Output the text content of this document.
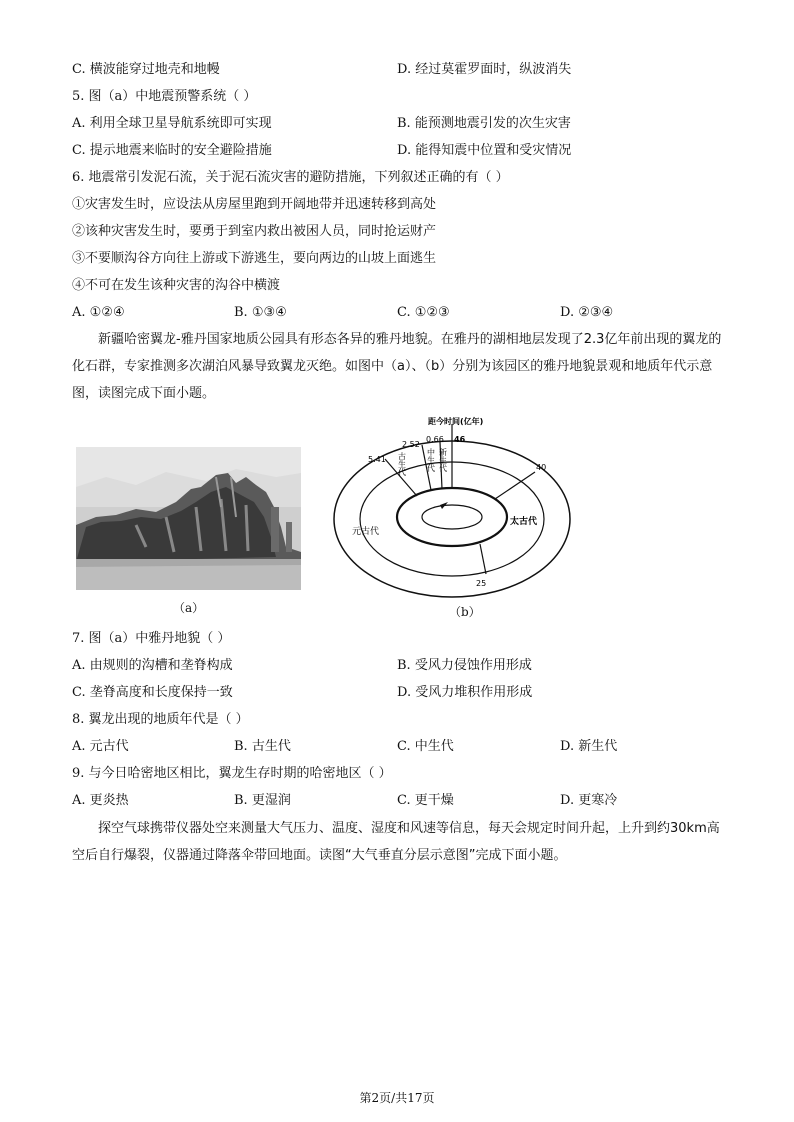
C. 横波能穿过地壳和地幔	D. 经过莫霍罗面时，纵波消失
5. 图（a）中地震预警系统（ ）
A. 利用全球卫星导航系统即可实现	B. 能预测地震引发的次生灾害
C. 提示地震来临时的安全避险措施	D. 能得知震中位置和受灾情况
6. 地震常引发泥石流，关于泥石流灾害的避防措施，下列叙述正确的有（ ）
①灾害发生时，应设法从房屋里跑到开阔地带并迅速转移到高处
②该种灾害发生时，要勇于到室内救出被困人员，同时抢运财产
③不要顺沟谷方向往上游或下游逃生，要向两边的山坡上面逃生
④不可在发生该种灾害的沟谷中横渡
A. ①②④	B. ①③④	C. ①②③	D. ②③④
新疆哈密翼龙-雅丹国家地质公园具有形态各异的雅丹地貌。在雅丹的湖相地层发现了2.3亿年前出现的翼龙的化石群，专家推测多次湖泊风暴导致翼龙灭绝。如图中（a）、（b）分别为该园区的雅丹地貌景观和地质年代示意图，读图完成下面小题。
（a）
距今时间(亿年)
5.41
2.52
0.66 46
40
25
古生代	中生代 新生代
元古代
太古代
（b）
7. 图（a）中雅丹地貌（ ）
A. 由规则的沟槽和垄脊构成	B. 受风力侵蚀作用形成
C. 垄脊高度和长度保持一致	D. 受风力堆积作用形成
8. 翼龙出现的地质年代是（ ）
A. 元古代	B. 古生代	C. 中生代	D. 新生代
9. 与今日哈密地区相比，翼龙生存时期的哈密地区（ ）
A. 更炎热	B. 更湿润	C. 更干燥	D. 更寒冷
探空气球携带仪器处空来测量大气压力、温度、湿度和风速等信息，每天会规定时间升起，上升到约30km高空后自行爆裂，仪器通过降落伞带回地面。读图“大气垂直分层示意图”完成下面小题。
第2页/共17页
